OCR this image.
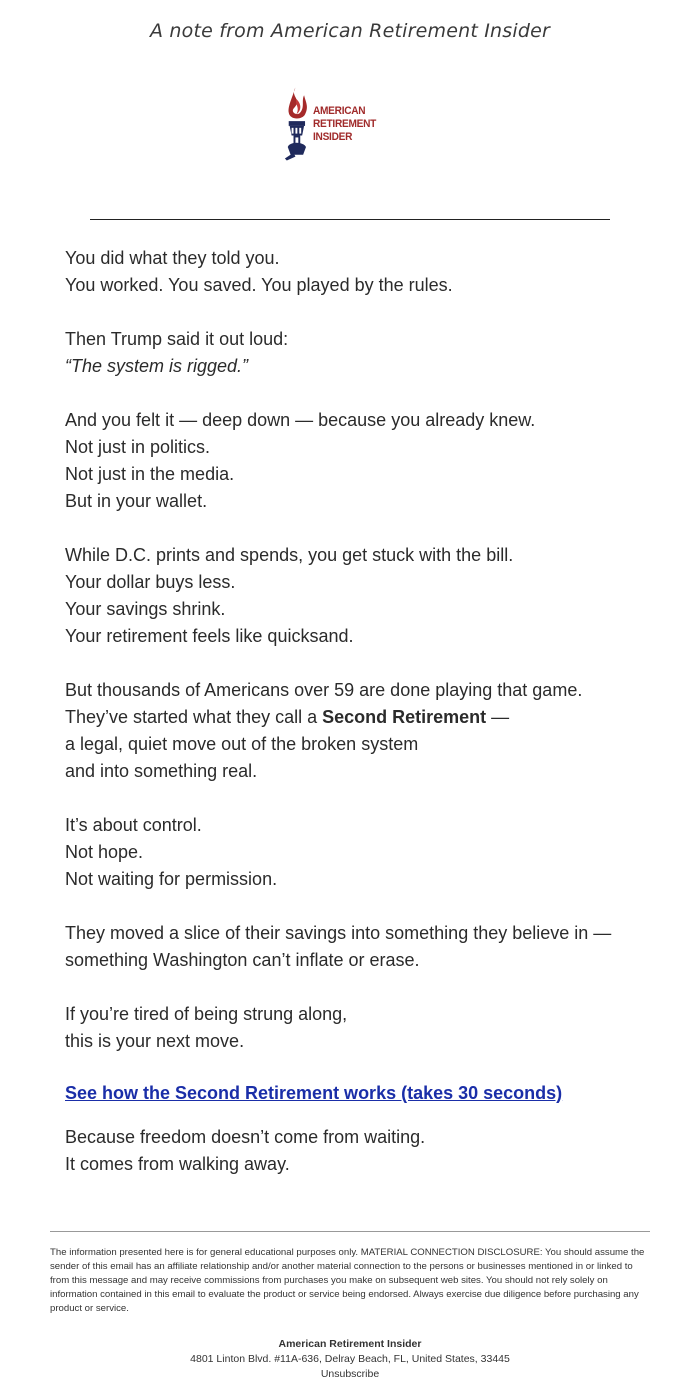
A note from American Retirement Insider
AMERICAN
RETIREMENT INSIDER

You did what they told you.
You worked. You saved. You played by the rules.

Then Trump said it out loud:
“The system is rigged.”

And you felt it — deep down — because you already knew.
Not just in politics.
Not just in the media.
But in your wallet.

While D.C. prints and spends, you get stuck with the bill.
Your dollar buys less.
Your savings shrink.
Your retirement feels like quicksand.

But thousands of Americans over 59 are done playing that game.
They’ve started what they call a Second Retirement —
a legal, quiet move out of the broken system
and into something real.

It’s about control.
Not hope.
Not waiting for permission.

They moved a slice of their savings into something they believe in —
something Washington can’t inflate or erase.

If you’re tired of being strung along,
this is your next move.

See how the Second Retirement works (takes 30 seconds)
Because freedom doesn’t come from waiting.
It comes from walking away.
The information presented here is for general educational purposes only. MATERIAL CONNECTION DISCLOSURE: You should assume the sender of this email has an affiliate relationship and/or another material connection to the persons or businesses mentioned in or linked to from this message and may receive commissions from purchases you make on subsequent web sites. You should not rely solely on information contained in this email to evaluate the product or service being endorsed. Always exercise due diligence before purchasing any product or service.
American Retirement Insider
4801 Linton Blvd. #11A-636, Delray Beach, FL, United States, 33445
Unsubscribe
